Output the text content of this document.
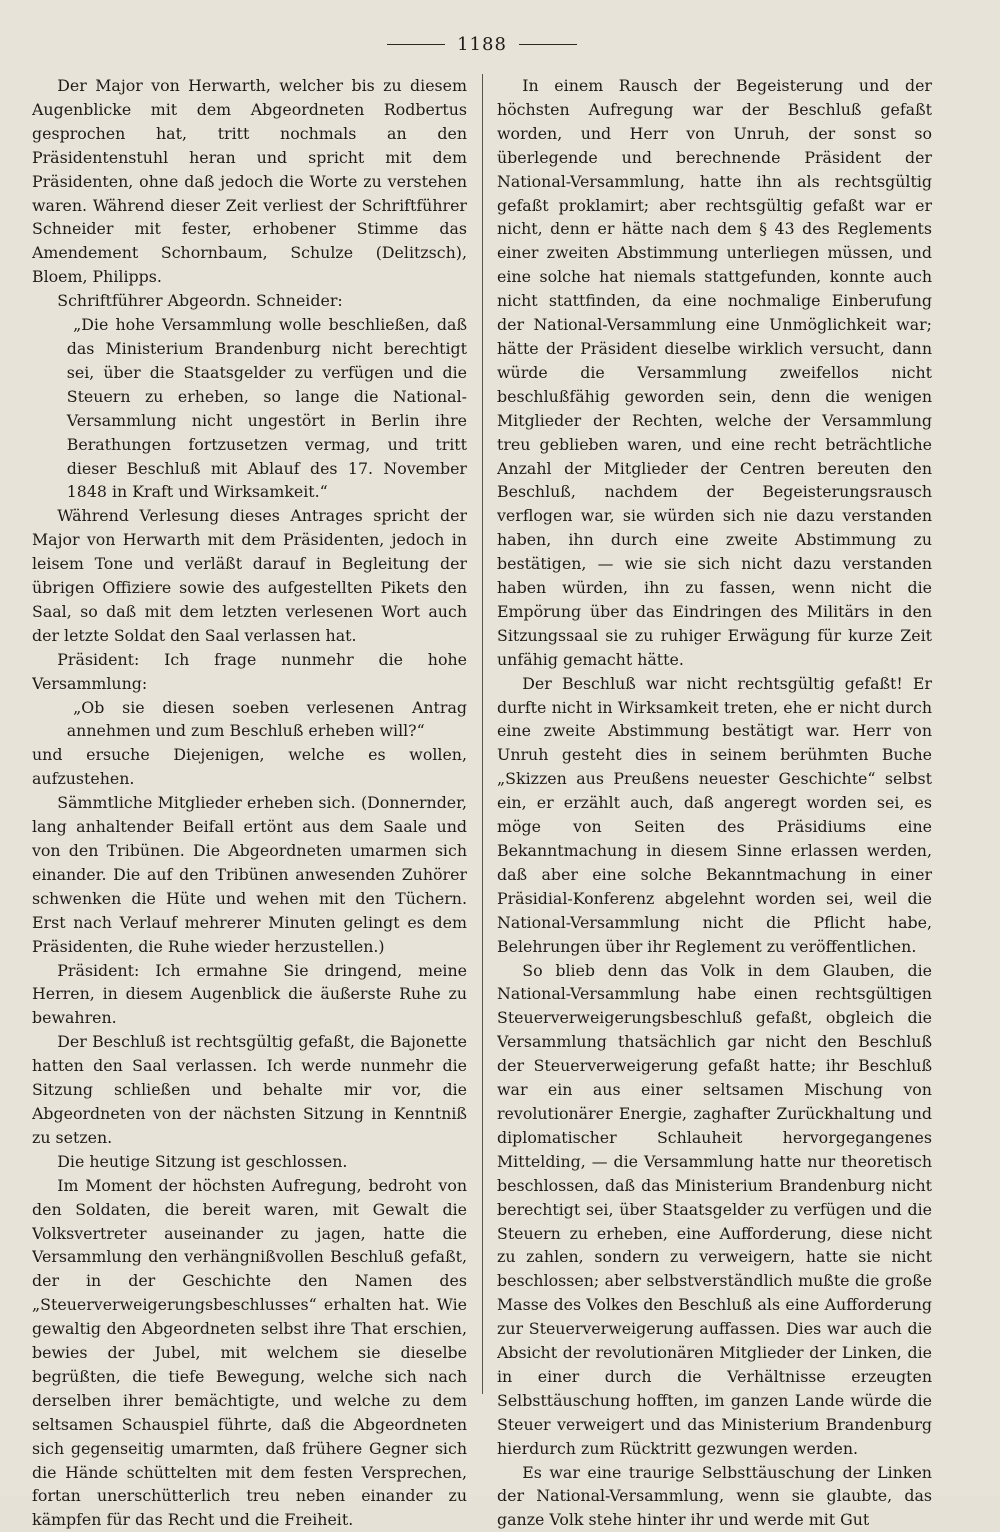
1188

Der Major von Herwarth, welcher bis zu diesem Augenblicke mit dem Abgeordneten Rodbertus gesprochen hat, tritt nochmals an den Präsidentenstuhl heran und spricht mit dem Präsidenten, ohne daß jedoch die Worte zu verstehen waren. Während dieser Zeit verliest der Schriftführer Schneider mit fester, erhobener Stimme das Amendement Schornbaum, Schulze (Delitzsch), Bloem, Philipps.

Schriftführer Abgeordn. Schneider:

„Die hohe Versammlung wolle beschließen, daß das Ministerium Brandenburg nicht berechtigt sei, über die Staatsgelder zu verfügen und die Steuern zu erheben, so lange die National-Versammlung nicht ungestört in Berlin ihre Berathungen fortzusetzen vermag, und tritt dieser Beschluß mit Ablauf des 17. November 1848 in Kraft und Wirksamkeit.“

Während Verlesung dieses Antrages spricht der Major von Herwarth mit dem Präsidenten, jedoch in leisem Tone und verläßt darauf in Begleitung der übrigen Offiziere sowie des aufgestellten Pikets den Saal, so daß mit dem letzten verlesenen Wort auch der letzte Soldat den Saal verlassen hat.

Präsident: Ich frage nunmehr die hohe Versammlung:

„Ob sie diesen soeben verlesenen Antrag annehmen und zum Beschluß erheben will?“

und ersuche Diejenigen, welche es wollen, aufzustehen.

Sämmtliche Mitglieder erheben sich. (Donnernder, lang anhaltender Beifall ertönt aus dem Saale und von den Tribünen. Die Abgeordneten umarmen sich einander. Die auf den Tribünen anwesenden Zuhörer schwenken die Hüte und wehen mit den Tüchern. Erst nach Verlauf mehrerer Minuten gelingt es dem Präsidenten, die Ruhe wieder herzustellen.)

Präsident: Ich ermahne Sie dringend, meine Herren, in diesem Augenblick die äußerste Ruhe zu bewahren.

Der Beschluß ist rechtsgültig gefaßt, die Bajonette hatten den Saal verlassen. Ich werde nunmehr die Sitzung schließen und behalte mir vor, die Abgeordneten von der nächsten Sitzung in Kenntniß zu setzen.

Die heutige Sitzung ist geschlossen.

Im Moment der höchsten Aufregung, bedroht von den Soldaten, die bereit waren, mit Gewalt die Volksvertreter auseinander zu jagen, hatte die Versammlung den verhängnißvollen Beschluß gefaßt, der in der Geschichte den Namen des „Steuerverweigerungsbeschlusses“ erhalten hat. Wie gewaltig den Abgeordneten selbst ihre That erschien, bewies der Jubel, mit welchem sie dieselbe begrüßten, die tiefe Bewegung, welche sich nach derselben ihrer bemächtigte, und welche zu dem seltsamen Schauspiel führte, daß die Abgeordneten sich gegenseitig umarmten, daß frühere Gegner sich die Hände schüttelten mit dem festen Versprechen, fortan unerschütterlich treu neben einander zu kämpfen für das Recht und die Freiheit.

In einem Rausch der Begeisterung und der höchsten Aufregung war der Beschluß gefaßt worden, und Herr von Unruh, der sonst so überlegende und berechnende Präsident der National-Versammlung, hatte ihn als rechtsgültig gefaßt proklamirt; aber rechtsgültig gefaßt war er nicht, denn er hätte nach dem § 43 des Reglements einer zweiten Abstimmung unterliegen müssen, und eine solche hat niemals stattgefunden, konnte auch nicht stattfinden, da eine nochmalige Einberufung der National-Versammlung eine Unmöglichkeit war; hätte der Präsident dieselbe wirklich versucht, dann würde die Versammlung zweifellos nicht beschlußfähig geworden sein, denn die wenigen Mitglieder der Rechten, welche der Versammlung treu geblieben waren, und eine recht beträchtliche Anzahl der Mitglieder der Centren bereuten den Beschluß, nachdem der Begeisterungsrausch verflogen war, sie würden sich nie dazu verstanden haben, ihn durch eine zweite Abstimmung zu bestätigen, — wie sie sich nicht dazu verstanden haben würden, ihn zu fassen, wenn nicht die Empörung über das Eindringen des Militärs in den Sitzungssaal sie zu ruhiger Erwägung für kurze Zeit unfähig gemacht hätte.

Der Beschluß war nicht rechtsgültig gefaßt! Er durfte nicht in Wirksamkeit treten, ehe er nicht durch eine zweite Abstimmung bestätigt war. Herr von Unruh gesteht dies in seinem berühmten Buche „Skizzen aus Preußens neuester Geschichte“ selbst ein, er erzählt auch, daß angeregt worden sei, es möge von Seiten des Präsidiums eine Bekanntmachung in diesem Sinne erlassen werden, daß aber eine solche Bekanntmachung in einer Präsidial-Konferenz abgelehnt worden sei, weil die National-Versammlung nicht die Pflicht habe, Belehrungen über ihr Reglement zu veröffentlichen.

So blieb denn das Volk in dem Glauben, die National-Versammlung habe einen rechtsgültigen Steuerverweigerungsbeschluß gefaßt, obgleich die Versammlung thatsächlich gar nicht den Beschluß der Steuerverweigerung gefaßt hatte; ihr Beschluß war ein aus einer seltsamen Mischung von revolutionärer Energie, zaghafter Zurückhaltung und diplomatischer Schlauheit hervorgegangenes Mittelding, — die Versammlung hatte nur theoretisch beschlossen, daß das Ministerium Brandenburg nicht berechtigt sei, über Staatsgelder zu verfügen und die Steuern zu erheben, eine Aufforderung, diese nicht zu zahlen, sondern zu verweigern, hatte sie nicht beschlossen; aber selbstverständlich mußte die große Masse des Volkes den Beschluß als eine Aufforderung zur Steuerverweigerung auffassen. Dies war auch die Absicht der revolutionären Mitglieder der Linken, die in einer durch die Verhältnisse erzeugten Selbsttäuschung hofften, im ganzen Lande würde die Steuer verweigert und das Ministerium Brandenburg hierdurch zum Rücktritt gezwungen werden.

Es war eine traurige Selbsttäuschung der Linken der National-Versammlung, wenn sie glaubte, das ganze Volk stehe hinter ihr und werde mit Gut
